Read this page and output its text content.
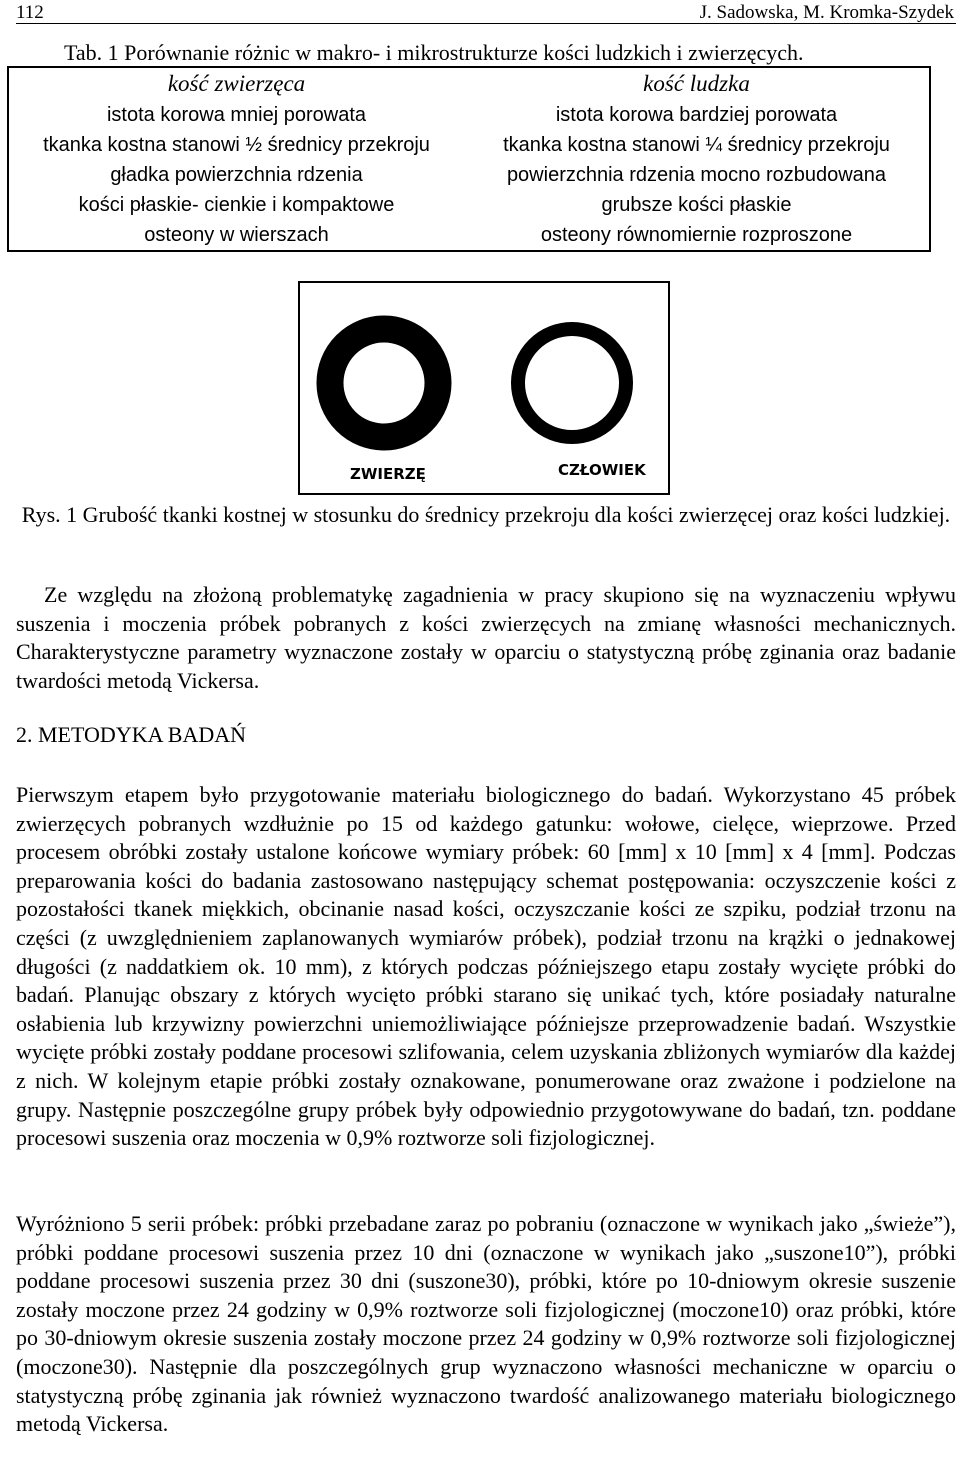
112	J. Sadowska, M. Kromka-Szydek
Tab. 1 Porównanie różnic w makro- i mikrostrukturze kości ludzkich i zwierzęcych.
kość zwierzęca	kość ludzka
istota korowa mniej porowata	istota korowa bardziej porowata
tkanka kostna stanowi ½ średnicy przekroju	tkanka kostna stanowi ¼ średnicy przekroju
gładka powierzchnia rdzenia	powierzchnia rdzenia mocno rozbudowana
kości płaskie- cienkie i kompaktowe	grubsze kości płaskie
osteony w wierszach	osteony równomiernie rozproszone
ZWIERZĘ	CZŁOWIEK
Rys. 1 Grubość tkanki kostnej w stosunku do średnicy przekroju dla kości zwierzęcej oraz kości ludzkiej.

Ze względu na złożoną problematykę zagadnienia w pracy skupiono się na wyznaczeniu wpływu suszenia i moczenia próbek pobranych z kości zwierzęcych na zmianę własności mechanicznych. Charakterystyczne parametry wyznaczone zostały w oparciu o statystyczną próbę zginania oraz badanie twardości metodą Vickersa.

2. METODYKA BADAŃ

Pierwszym etapem było przygotowanie materiału biologicznego do badań. Wykorzystano 45 próbek zwierzęcych pobranych wzdłużnie po 15 od każdego gatunku: wołowe, cielęce, wieprzowe. Przed procesem obróbki zostały ustalone końcowe wymiary próbek: 60 [mm] x 10 [mm] x 4 [mm]. Podczas preparowania kości do badania zastosowano następujący schemat postępowania: oczyszczenie kości z pozostałości tkanek miękkich, obcinanie nasad kości, oczyszczanie kości ze szpiku, podział trzonu na części (z uwzględnieniem zaplanowanych wymiarów próbek), podział trzonu na krążki o jednakowej długości (z naddatkiem ok. 10 mm), z których podczas późniejszego etapu zostały wycięte próbki do badań. Planując obszary z których wycięto próbki starano się unikać tych, które posiadały naturalne osłabienia lub krzywizny powierzchni uniemożliwiające późniejsze przeprowadzenie badań. Wszystkie wycięte próbki zostały poddane procesowi szlifowania, celem uzyskania zbliżonych wymiarów dla każdej z nich. W kolejnym etapie próbki zostały oznakowane, ponumerowane oraz zważone i podzielone na grupy. Następnie poszczególne grupy próbek były odpowiednio przygotowywane do badań, tzn. poddane procesowi suszenia oraz moczenia w 0,9% roztworze soli fizjologicznej.

Wyróżniono 5 serii próbek: próbki przebadane zaraz po pobraniu (oznaczone w wynikach jako „świeże”), próbki poddane procesowi suszenia przez 10 dni (oznaczone w wynikach jako „suszone10”), próbki poddane procesowi suszenia przez 30 dni (suszone30), próbki, które po 10-dniowym okresie suszenie zostały moczone przez 24 godziny w 0,9% roztworze soli fizjologicznej (moczone10) oraz próbki, które po 30-dniowym okresie suszenia zostały moczone przez 24 godziny w 0,9% roztworze soli fizjologicznej (moczone30). Następnie dla poszczególnych grup wyznaczono własności mechaniczne w oparciu o statystyczną próbę zginania jak również wyznaczono twardość analizowanego materiału biologicznego metodą Vickersa.
